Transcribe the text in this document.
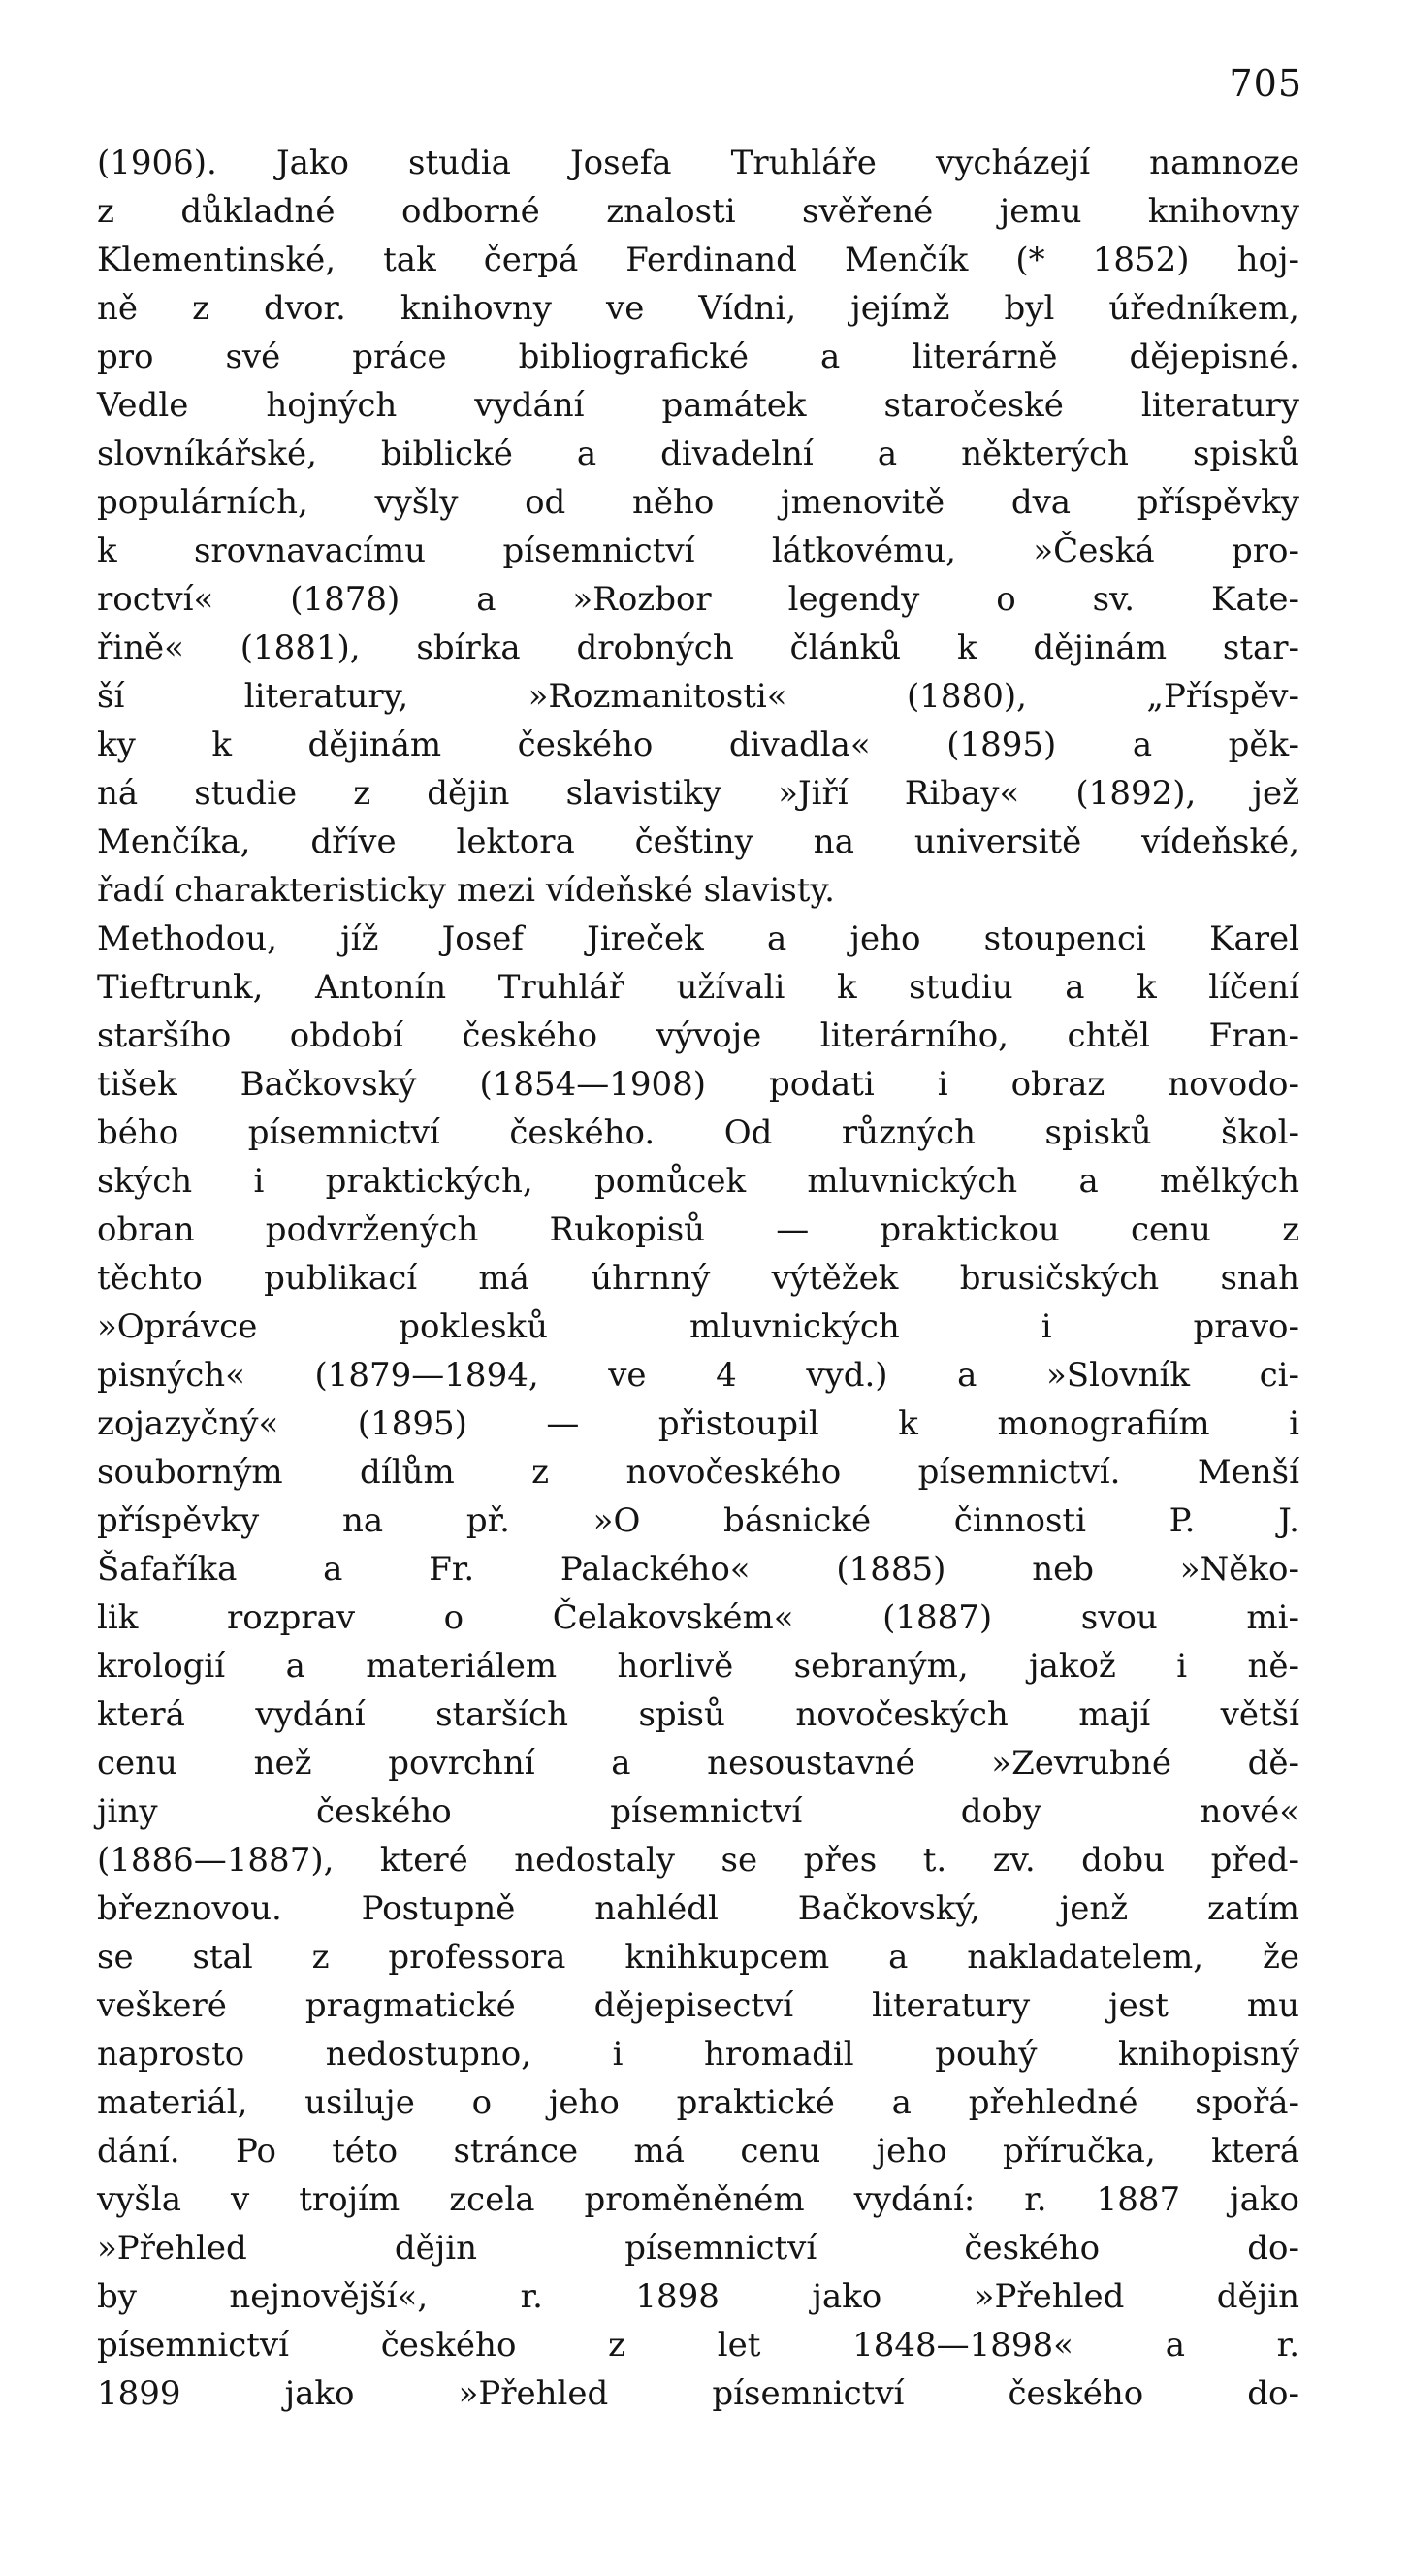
705
(1906). Jako studia Josefa Truhláře vycházejí namnoze
z důkladné odborné znalosti svěřené jemu knihovny
Klementinské, tak čerpá Ferdinand Menčík (* 1852) hoj-
ně z dvor. knihovny ve Vídni, jejímž byl úředníkem,
pro své práce bibliografické a literárně dějepisné.
Vedle hojných vydání památek staročeské literatury
slovníkářské, biblické a divadelní a některých spisků
populárních, vyšly od něho jmenovitě dva příspěvky
k srovnavacímu písemnictví látkovému, »Česká pro-
roctví« (1878) a »Rozbor legendy o sv. Kate-
řině« (1881), sbírka drobných článků k dějinám star-
ší literatury, »Rozmanitosti« (1880), „Příspěv-
ky k dějinám českého divadla« (1895) a pěk-
ná studie z dějin slavistiky »Jiří Ribay« (1892), jež
Menčíka, dříve lektora češtiny na universitě vídeňské,
řadí charakteristicky mezi vídeňské slavisty.
Methodou, jíž Josef Jireček a jeho stoupenci Karel
Tieftrunk, Antonín Truhlář užívali k studiu a k líčení
staršího období českého vývoje literárního, chtěl Fran-
tišek Bačkovský (1854—1908) podati i obraz novodo-
bého písemnictví českého. Od různých spisků škol-
ských i praktických, pomůcek mluvnických a mělkých
obran podvržených Rukopisů — praktickou cenu z
těchto publikací má úhrnný výtěžek brusičských snah
»Oprávce poklesků mluvnických i pravo-
pisných« (1879—1894, ve 4 vyd.) a »Slovník ci-
zojazyčný« (1895) — přistoupil k monografiím i
souborným dílům z novočeského písemnictví. Menší
příspěvky na př. »O básnické činnosti P. J.
Šafaříka a Fr. Palackého« (1885) neb »Něko-
lik rozprav o Čelakovském« (1887) svou mi-
krologií a materiálem horlivě sebraným, jakož i ně-
která vydání starších spisů novočeských mají větší
cenu než povrchní a nesoustavné »Zevrubné dě-
jiny českého písemnictví doby nové«
(1886—1887), které nedostaly se přes t. zv. dobu před-
březnovou. Postupně nahlédl Bačkovský, jenž zatím
se stal z professora knihkupcem a nakladatelem, že
veškeré pragmatické dějepisectví literatury jest mu
naprosto nedostupno, i hromadil pouhý knihopisný
materiál, usiluje o jeho praktické a přehledné spořá-
dání. Po této stránce má cenu jeho příručka, která
vyšla v trojím zcela proměněném vydání: r. 1887 jako
»Přehled dějin písemnictví českého do-
by nejnovější«, r. 1898 jako »Přehled dějin
písemnictví českého z let 1848—1898« a r.
1899 jako »Přehled písemnictví českého do-
